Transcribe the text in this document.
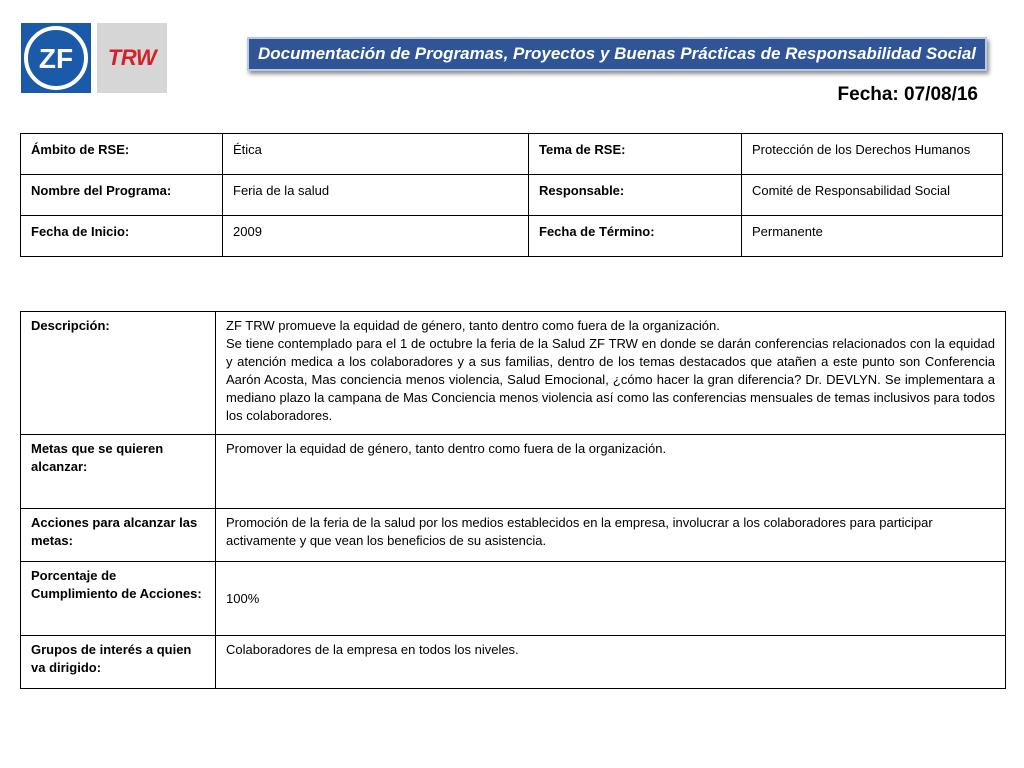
ZF TRW	Documentación de Programas, Proyectos y Buenas Prácticas de Responsabilidad Social
Fecha: 07/08/16
Ámbito de RSE:	Ética	Tema de RSE:	Protección de los Derechos Humanos
Nombre del Programa:	Feria de la salud	Responsable:	Comité de Responsabilidad Social
Fecha de Inicio:	2009	Fecha de Término:	Permanente
Descripción:	ZF TRW promueve la equidad de género, tanto dentro como fuera de la organización.
Se tiene contemplado para el 1 de octubre la feria de la Salud ZF TRW en donde se darán conferencias relacionados con la equidad y atención medica a los colaboradores y a sus familias, dentro de los temas destacados que atañen a este punto son Conferencia Aarón Acosta, Mas conciencia menos violencia, Salud Emocional, ¿cómo hacer la gran diferencia? Dr. DEVLYN. Se implementara a mediano plazo la campana de Mas Conciencia menos violencia así como las conferencias mensuales de temas inclusivos para todos los colaboradores.

Metas que se quieren alcanzar:	Promover la equidad de género, tanto dentro como fuera de la organización.
Acciones para alcanzar las metas:	Promoción de la feria de la salud por los medios establecidos en la empresa, involucrar a los colaboradores para participar activamente y que vean los beneficios de su asistencia.
Porcentaje de Cumplimiento de Acciones:	100%
Grupos de interés a quien va dirigido:	Colaboradores de la empresa en todos los niveles.
